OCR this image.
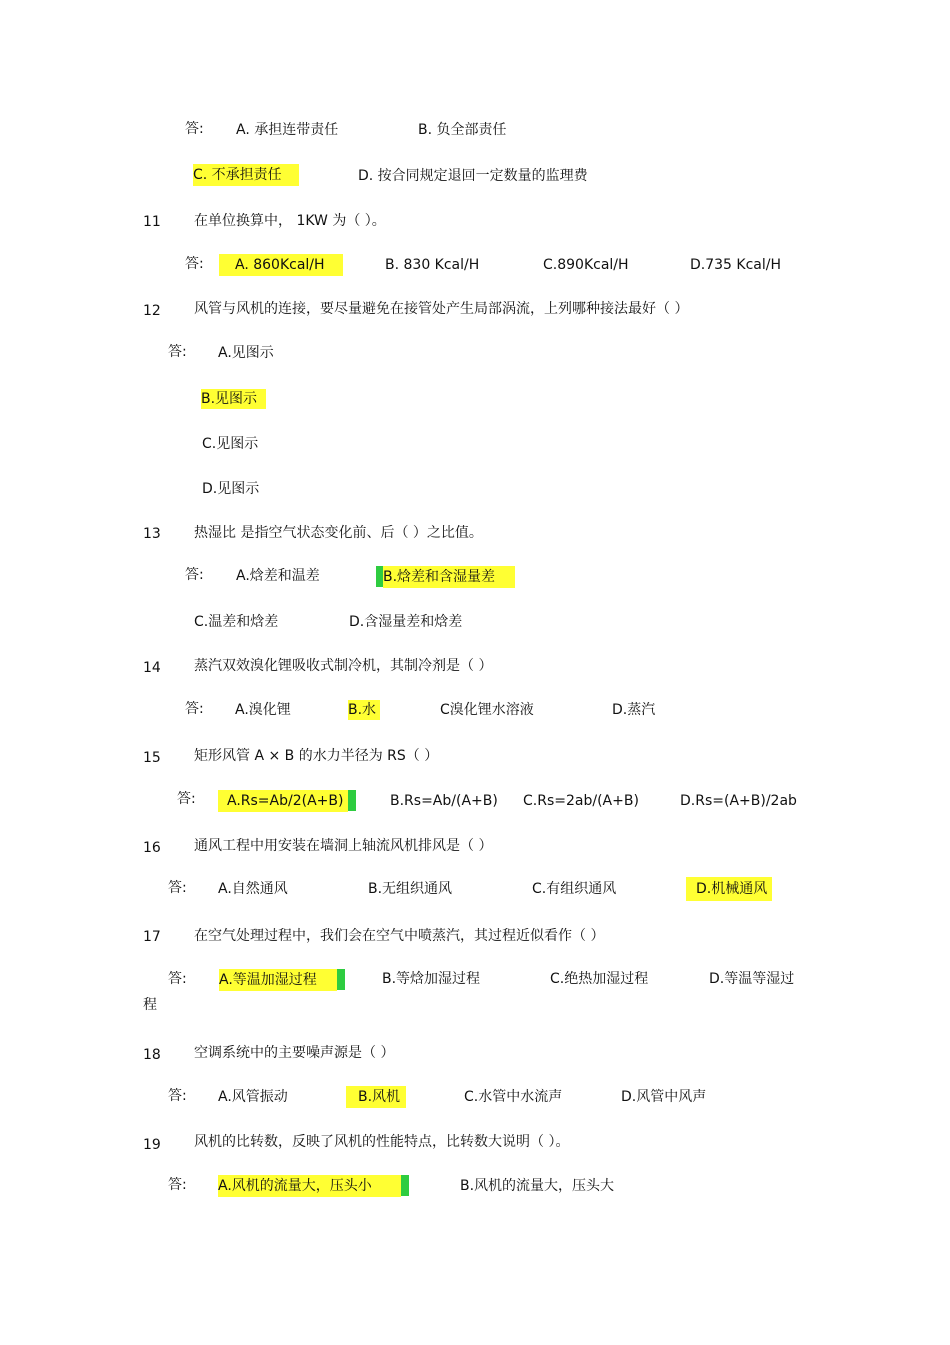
答: A. 承担连带责任	B. 负全部责任
C. 不承担责任	D. 按合同规定退回一定数量的监理费
11 在单位换算中， 1KW 为（ ）。
答:	A. 860Kcal/H	B. 830 Kcal/H	C.890Kcal/H	D.735 Kcal/H
12 风管与风机的连接，要尽量避免在接管处产生局部涡流，上列哪种接法最好（ ）
答: A.见图示
B.见图示
C.见图示
D.见图示
13 热湿比 是指空气状态变化前、后（ ）之比值。
答: A.焓差和温差	B.焓差和含湿量差
C.温差和焓差	D.含湿量差和焓差
14 蒸汽双效溴化锂吸收式制冷机，其制冷剂是（ ）
答: A.溴化锂	B.水	C溴化锂水溶液	D.蒸汽
15 矩形风管 A × B 的水力半径为 RS（ ）
答:	A.Rs=Ab/2(A+B)	B.Rs=Ab/(A+B) C.Rs=2ab/(A+B)	D.Rs=(A+B)/2ab
16 通风工程中用安装在墙洞上轴流风机排风是（ ）
答: A.自然通风	B.无组织通风	C.有组织通风	D.机械通风
17 在空气处理过程中，我们会在空气中喷蒸汽，其过程近似看作（ ）
答: A.等温加湿过程	B.等焓加湿过程	C.绝热加湿过程	D.等温等湿过
程
18 空调系统中的主要噪声源是（ ）
答: A.风管振动	B.风机	C.水管中水流声	D.风管中风声
19 风机的比转数，反映了风机的性能特点，比转数大说明（ ）。
答: A.风机的流量大，压头小	B.风机的流量大，压头大
